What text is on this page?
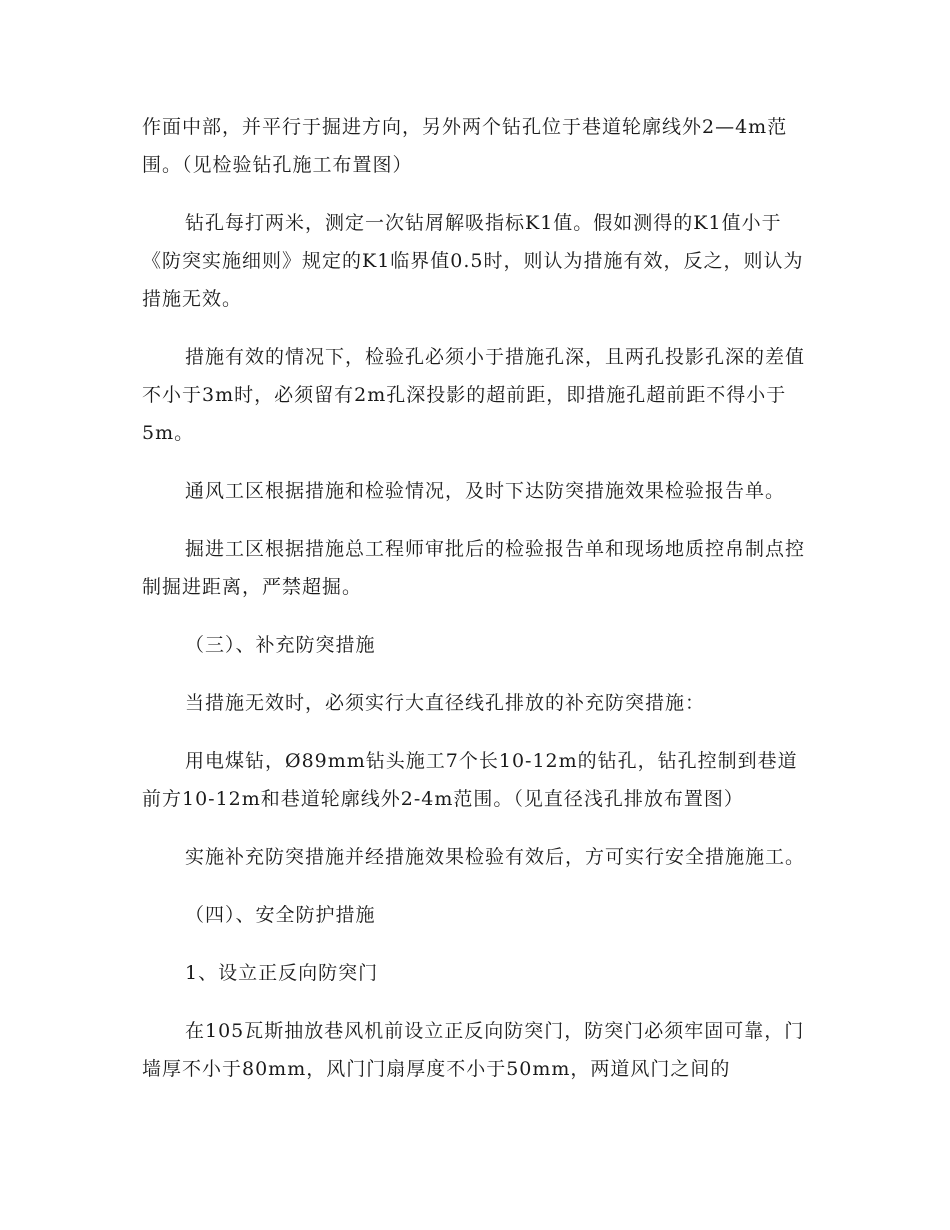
作面中部，并平行于掘进方向，另外两个钻孔位于巷道轮廓线外2—4m范围。（见检验钻孔施工布置图）

钻孔每打两米，测定一次钻屑解吸指标K1值。假如测得的K1值小于《防突实施细则》规定的K1临界值0.5时，则认为措施有效，反之，则认为措施无效。

措施有效的情况下，检验孔必须小于措施孔深，且两孔投影孔深的差值不小于3m时，必须留有2m孔深投影的超前距，即措施孔超前距不得小于5m。

通风工区根据措施和检验情况，及时下达防突措施效果检验报告单。

掘进工区根据措施总工程师审批后的检验报告单和现场地质控帛制点控制掘进距离，严禁超掘。

（三）、补充防突措施

当措施无效时，必须实行大直径线孔排放的补充防突措施：

用电煤钻，Ø89mm钻头施工7个长10-12m的钻孔，钻孔控制到巷道前方10-12m和巷道轮廓线外2-4m范围。（见直径浅孔排放布置图）

实施补充防突措施并经措施效果检验有效后，方可实行安全措施施工。

（四）、安全防护措施

1、设立正反向防突门

在105瓦斯抽放巷风机前设立正反向防突门，防突门必须牢固可靠，门墙厚不小于80mm，风门门扇厚度不小于50mm，两道风门之间的
